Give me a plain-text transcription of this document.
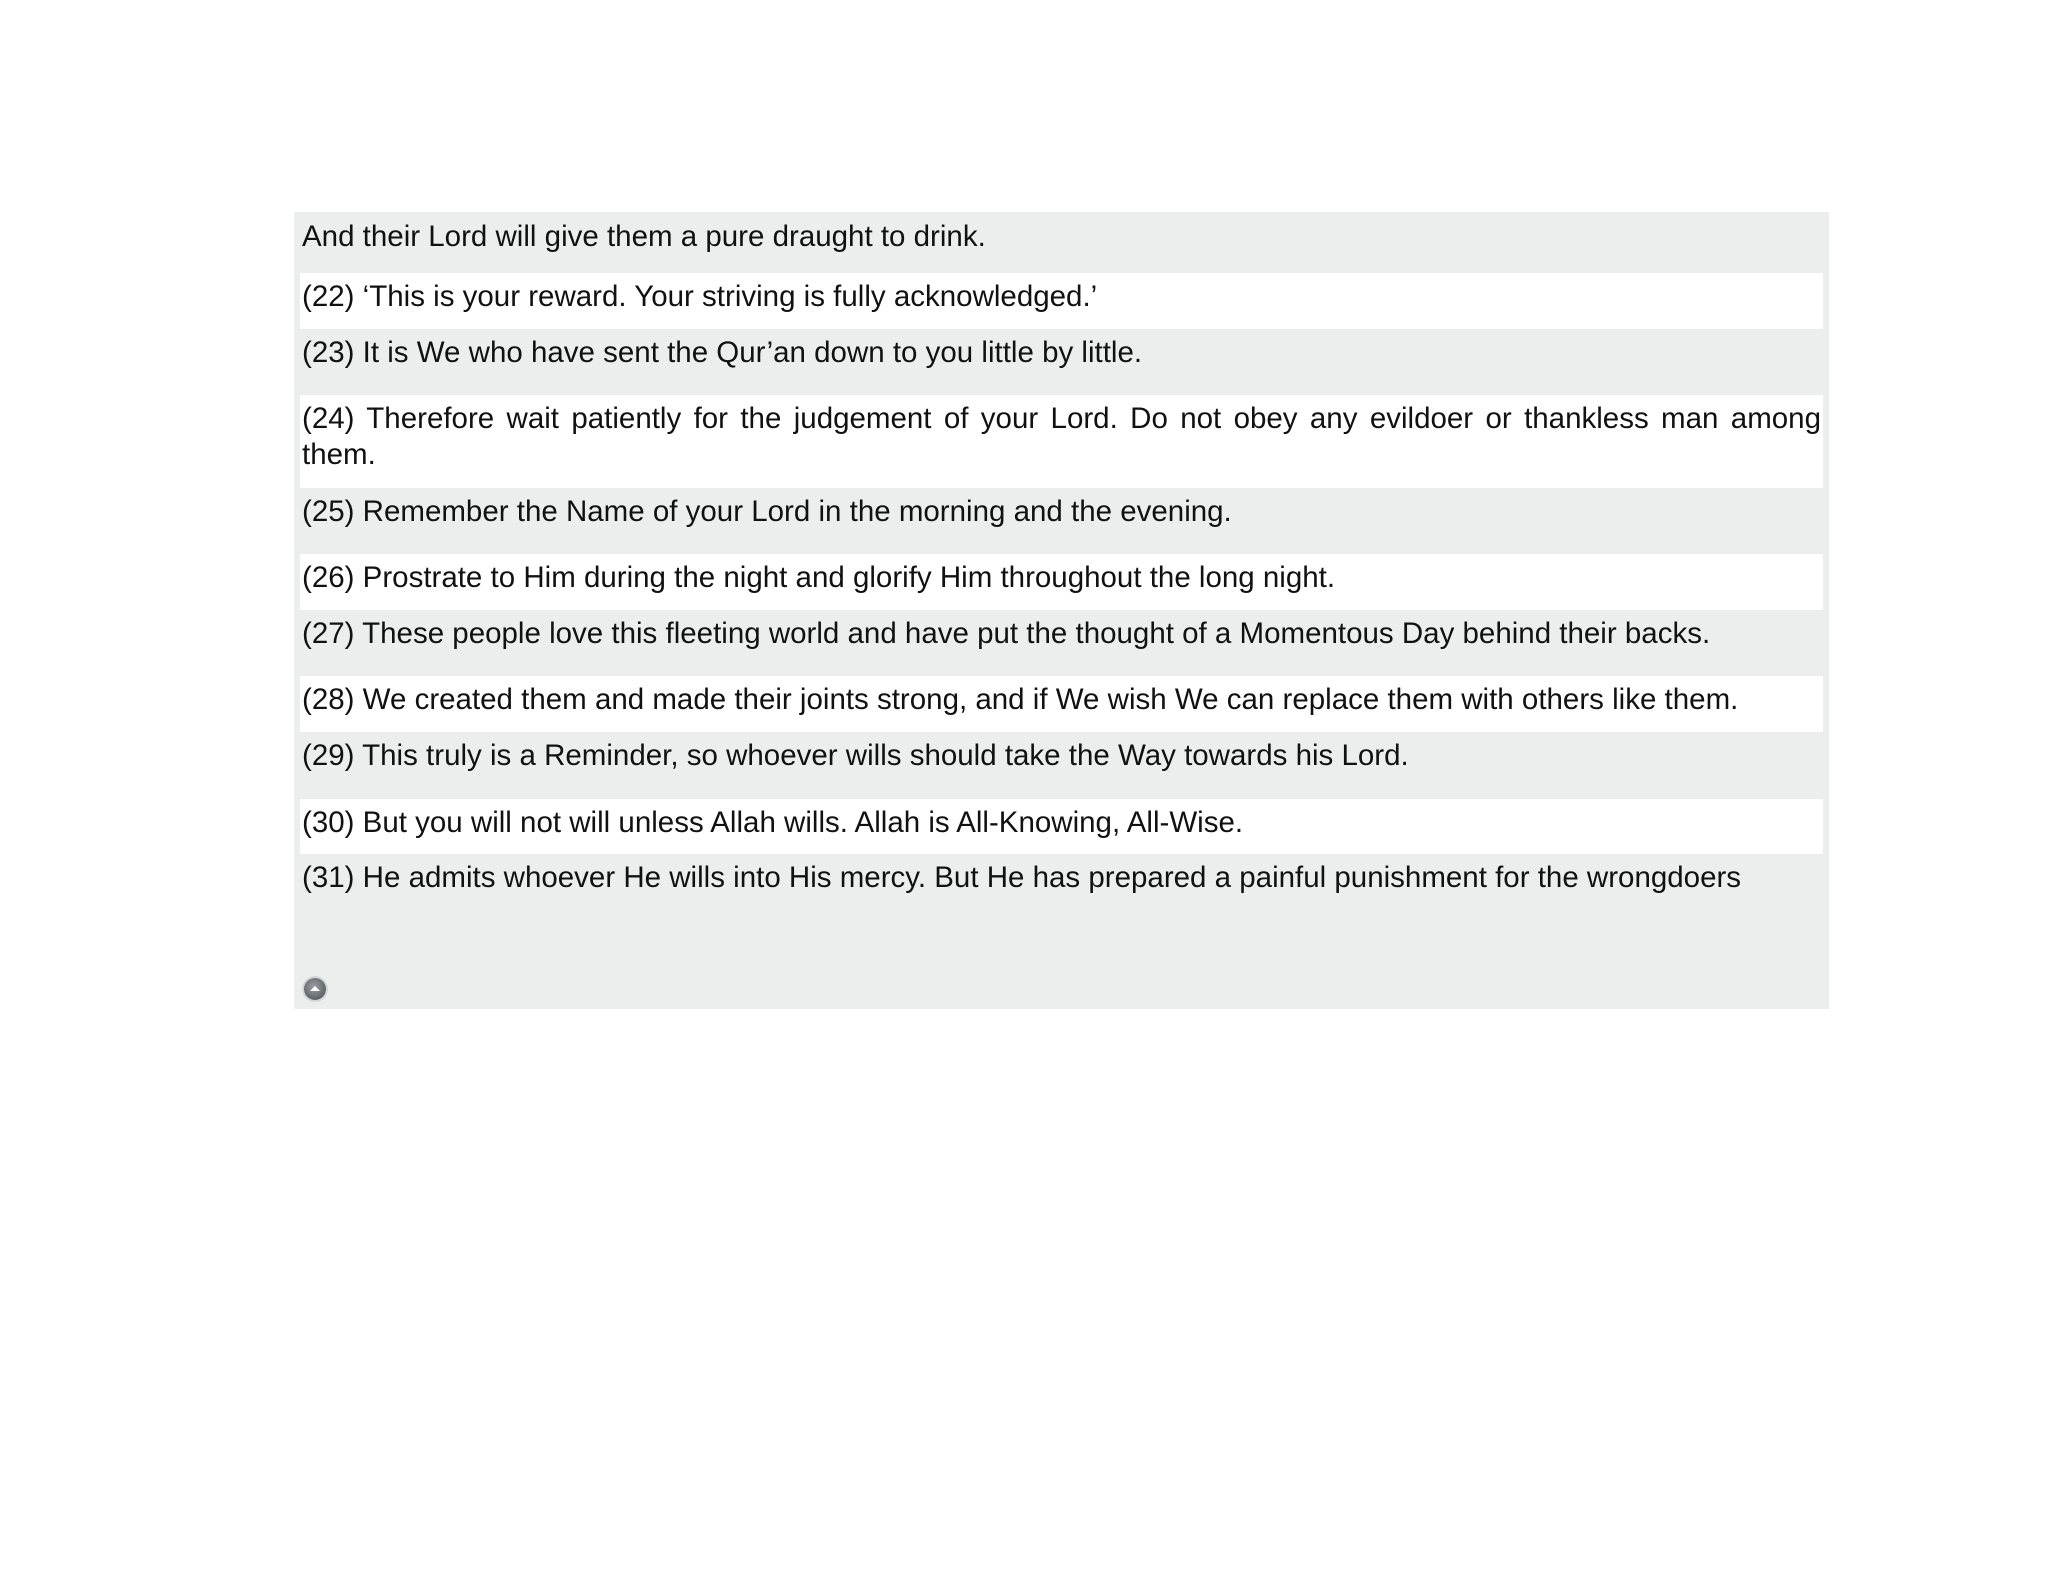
And their Lord will give them a pure draught to drink.

(22) ‘This is your reward. Your striving is fully acknowledged.’

(23) It is We who have sent the Qur’an down to you little by little.

(24) Therefore wait patiently for the judgement of your Lord. Do not obey any evildoer or thankless man among them.

(25) Remember the Name of your Lord in the morning and the evening.

(26) Prostrate to Him during the night and glorify Him throughout the long night.

(27) These people love this fleeting world and have put the thought of a Momentous Day behind their backs.

(28) We created them and made their joints strong, and if We wish We can replace them with others like them.

(29) This truly is a Reminder, so whoever wills should take the Way towards his Lord.

(30) But you will not will unless Allah wills. Allah is All-Knowing, All-Wise.

(31) He admits whoever He wills into His mercy. But He has prepared a painful punishment for the wrongdoers
